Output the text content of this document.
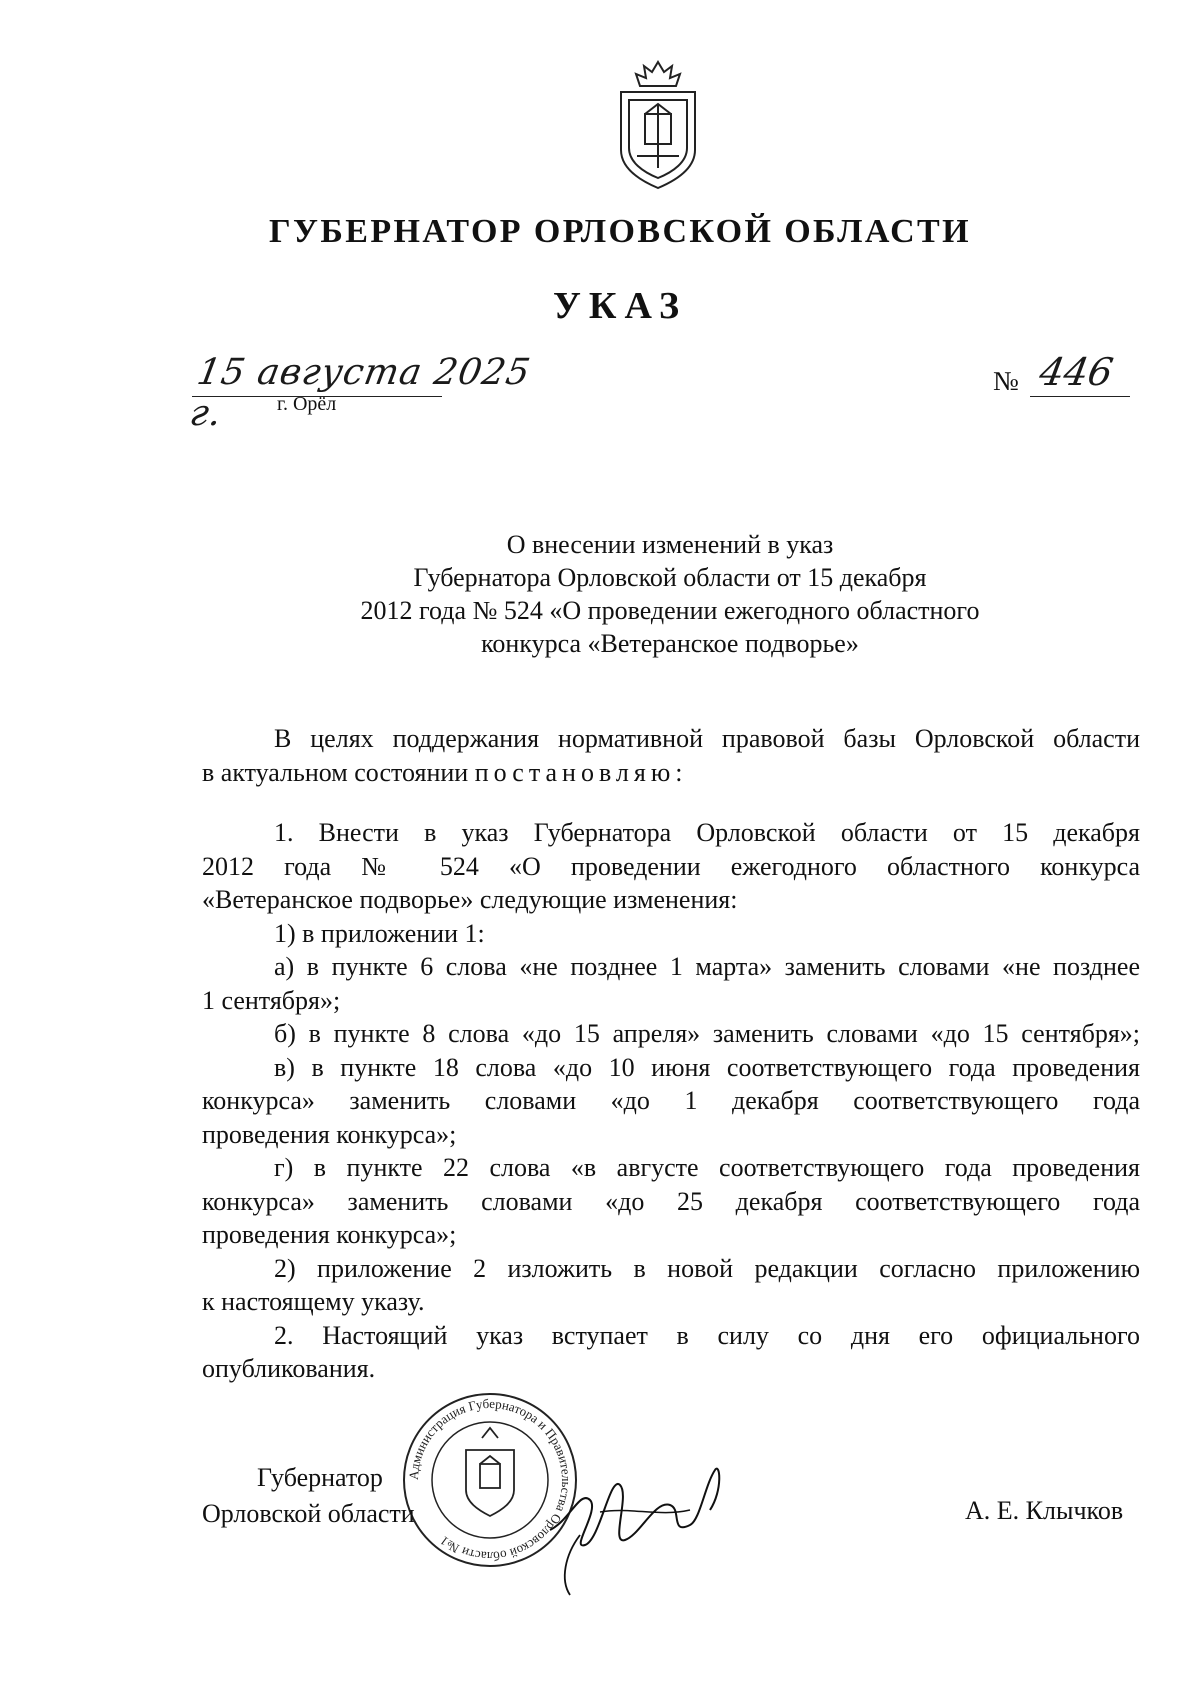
ГУБЕРНАТОР ОРЛОВСКОЙ ОБЛАСТИ
УКАЗ
15 августа 2025 г.	г. Орёл
№ 446
О внесении изменений в указ
Губернатора Орловской области от 15 декабря
2012 года № 524 «О проведении ежегодного областного
конкурса «Ветеранское подворье»
В целях поддержания нормативной правовой базы Орловской области
в актуальном состоянии постановляю:
1. Внести в указ Губернатора Орловской области от 15 декабря
2012 года № 524 «О проведении ежегодного областного конкурса
«Ветеранское подворье» следующие изменения:
1) в приложении 1:
а) в пункте 6 слова «не позднее 1 марта» заменить словами «не позднее
1 сентября»;
б) в пункте 8 слова «до 15 апреля» заменить словами «до 15 сентября»;
в) в пункте 18 слова «до 10 июня соответствующего года проведения
конкурса» заменить словами «до 1 декабря соответствующего года
проведения конкурса»;
г) в пункте 22 слова «в августе соответствующего года проведения
конкурса» заменить словами «до 25 декабря соответствующего года
проведения конкурса»;
2) приложение 2 изложить в новой редакции согласно приложению
к настоящему указу.
2. Настоящий указ вступает в силу со дня его официального
опубликования.
Администрация Губернатора и Правительства Орловской области №1
Губернатор
Орловской области	А. Е. Клычков
